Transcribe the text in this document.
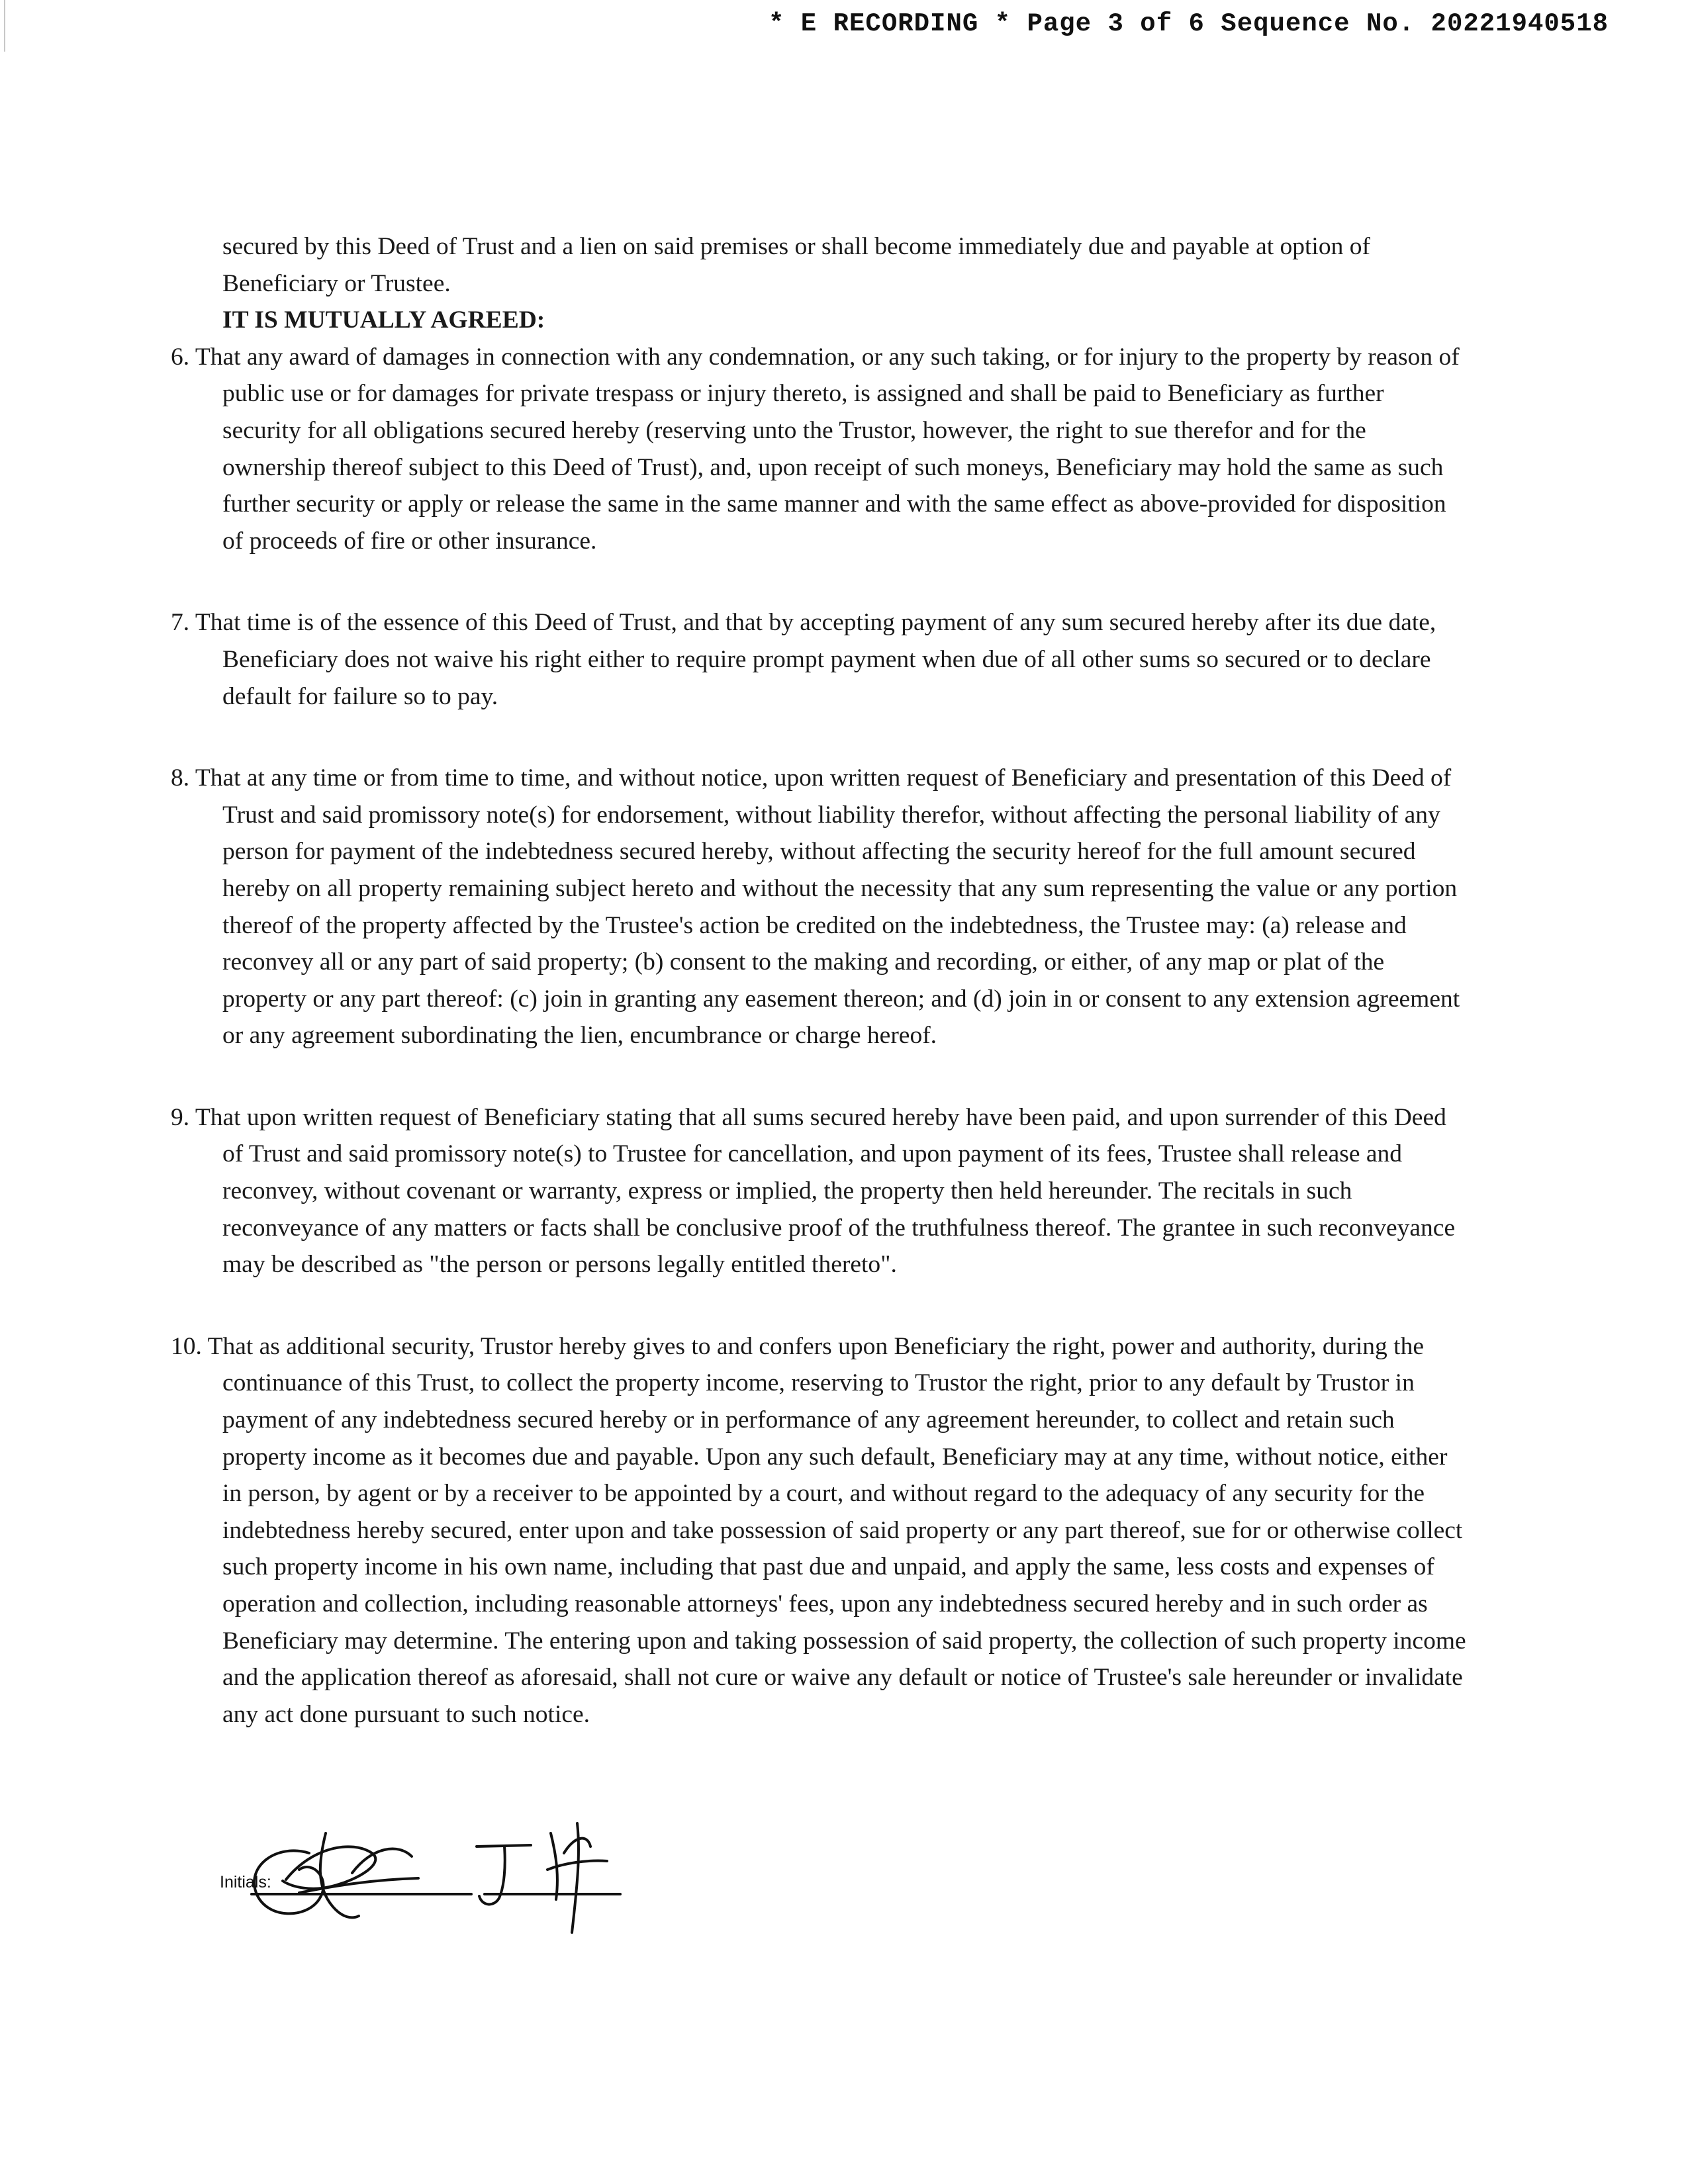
* E RECORDING * Page 3 of 6 Sequence No. 20221940518

secured by this Deed of Trust and a lien on said premises or shall become immediately due and payable at option of Beneficiary or Trustee.

IT IS MUTUALLY AGREED:

6. That any award of damages in connection with any condemnation, or any such taking, or for injury to the property by reason of public use or for damages for private trespass or injury thereto, is assigned and shall be paid to Beneficiary as further security for all obligations secured hereby (reserving unto the Trustor, however, the right to sue therefor and for the ownership thereof subject to this Deed of Trust), and, upon receipt of such moneys, Beneficiary may hold the same as such further security or apply or release the same in the same manner and with the same effect as above-provided for disposition of proceeds of fire or other insurance.

7. That time is of the essence of this Deed of Trust, and that by accepting payment of any sum secured hereby after its due date, Beneficiary does not waive his right either to require prompt payment when due of all other sums so secured or to declare default for failure so to pay.

8. That at any time or from time to time, and without notice, upon written request of Beneficiary and presentation of this Deed of Trust and said promissory note(s) for endorsement, without liability therefor, without affecting the personal liability of any person for payment of the indebtedness secured hereby, without affecting the security hereof for the full amount secured hereby on all property remaining subject hereto and without the necessity that any sum representing the value or any portion thereof of the property affected by the Trustee's action be credited on the indebtedness, the Trustee may: (a) release and reconvey all or any part of said property; (b) consent to the making and recording, or either, of any map or plat of the property or any part thereof: (c) join in granting any easement thereon; and (d) join in or consent to any extension agreement or any agreement subordinating the lien, encumbrance or charge hereof.

9. That upon written request of Beneficiary stating that all sums secured hereby have been paid, and upon surrender of this Deed of Trust and said promissory note(s) to Trustee for cancellation, and upon payment of its fees, Trustee shall release and reconvey, without covenant or warranty, express or implied, the property then held hereunder. The recitals in such reconveyance of any matters or facts shall be conclusive proof of the truthfulness thereof. The grantee in such reconveyance may be described as "the person or persons legally entitled thereto".

10. That as additional security, Trustor hereby gives to and confers upon Beneficiary the right, power and authority, during the continuance of this Trust, to collect the property income, reserving to Trustor the right, prior to any default by Trustor in payment of any indebtedness secured hereby or in performance of any agreement hereunder, to collect and retain such property income as it becomes due and payable. Upon any such default, Beneficiary may at any time, without notice, either in person, by agent or by a receiver to be appointed by a court, and without regard to the adequacy of any security for the indebtedness hereby secured, enter upon and take possession of said property or any part thereof, sue for or otherwise collect such property income in his own name, including that past due and unpaid, and apply the same, less costs and expenses of operation and collection, including reasonable attorneys' fees, upon any indebtedness secured hereby and in such order as Beneficiary may determine. The entering upon and taking possession of said property, the collection of such property income and the application thereof as aforesaid, shall not cure or waive any default or notice of Trustee's sale hereunder or invalidate any act done pursuant to such notice.

Initials:
